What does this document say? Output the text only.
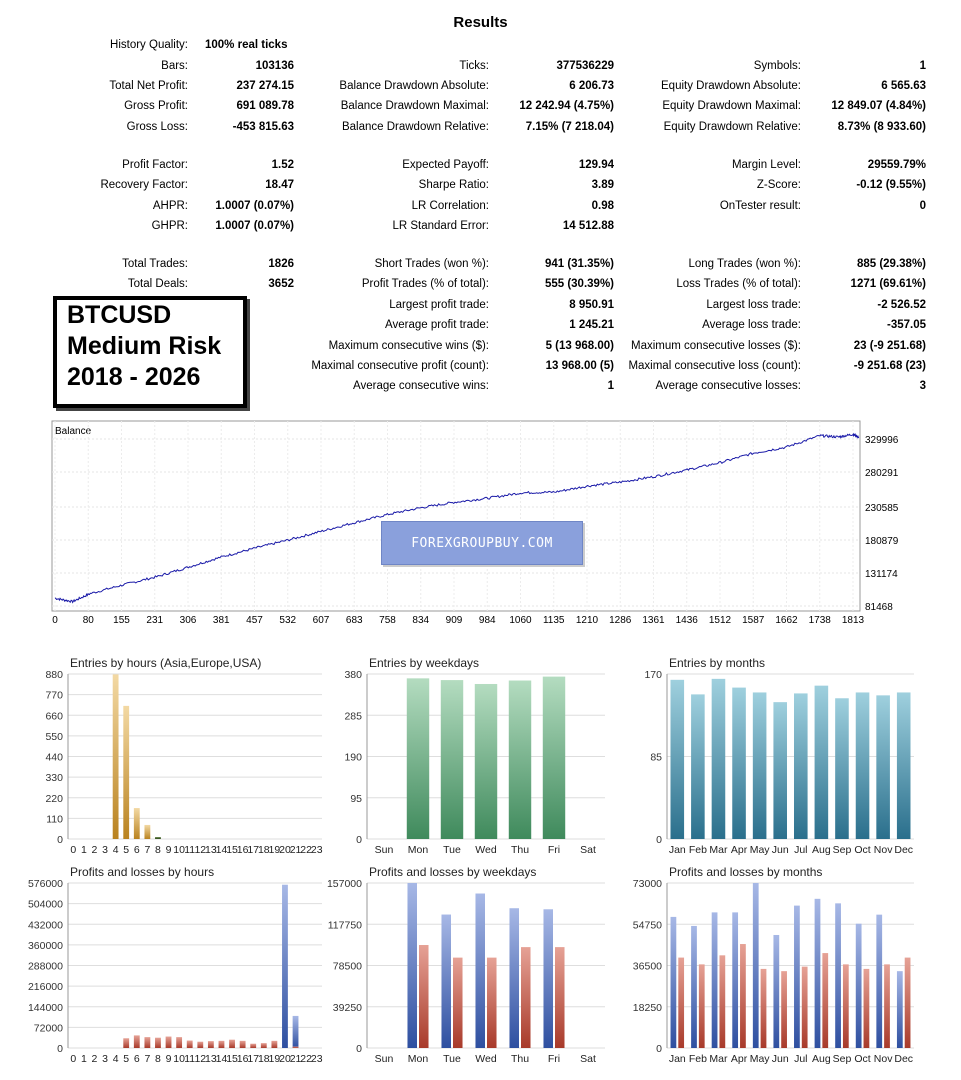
Results
History Quality: 100% real ticks
Bars:	103136	Ticks:	377536229	Symbols:	1
Total Net Profit:	237 274.15	Balance Drawdown Absolute:	6 206.73	Equity Drawdown Absolute:	6 565.63
Gross Profit:	691 089.78	Balance Drawdown Maximal:	12 242.94 (4.75%)	Equity Drawdown Maximal:	12 849.07 (4.84%)
Gross Loss:	-453 815.63	Balance Drawdown Relative:	7.15% (7 218.04)	Equity Drawdown Relative:	8.73% (8 933.60)
Profit Factor:	1.52	Expected Payoff:	129.94	Margin Level:	29559.79%
Recovery Factor:	18.47	Sharpe Ratio:	3.89	Z-Score:	-0.12 (9.55%)
AHPR: 1.0007 (0.07%)	LR Correlation:	0.98	OnTester result:	0
GHPR: 1.0007 (0.07%)	LR Standard Error:	14 512.88
Total Trades:	1826	Short Trades (won %):	941 (31.35%)	Long Trades (won %):	885 (29.38%)
Total Deals:	3652	Profit Trades (% of total):	555 (30.39%)	Loss Trades (% of total):	1271 (69.61%)
Largest profit trade:	8 950.91	Largest loss trade:	-2 526.52
Average profit trade:	1 245.21	Average loss trade:	-357.05
Maximum consecutive wins ($):	5 (13 968.00) Maximum consecutive losses ($):	23 (-9 251.68)
Maximal consecutive profit (count):	13 968.00 (5) Maximal consecutive loss (count):	-9 251.68 (23)
Average consecutive wins:	1	Average consecutive losses:	3
BTCUSD
Medium Risk
2018 - 2026
Balance
329996
280291
230585
180879
131174
81468
0 80 155 231 306 381 457 532 607 683 758 834 909 984 1060 1135 1210 1286 1361 1436 1512 1587 1662 1738 1813
FOREXGROUPBUY.COM
Entries by hours (Asia,Europe,USA)
880
770
660
550
440
330
220
110
0
0 1 2 3 4 5 6 7 8 9 10 11 12
13
14
15
16
17
18
19
20
21
22
23
Entries by weekdays
380
285
190
95
0
Sun Mon Tue Wed Thu Fri Sat
Entries by months
170
85
0
Jan Feb Mar Apr May Jun Jul Aug Sep Oct Nov Dec
Profits and losses by hours
576000
504000
432000
360000
288000
216000
144000
72000
0
0 1 2 3 4 5 6 7 8 9 10 11 12
13
14
15
16
17
18
19
20
21
22
23
Profits and losses by weekdays
157000
117750
78500
39250
0
Sun Mon Tue Wed Thu Fri Sat
Profits and losses by months
73000
54750
36500
18250
0
Jan Feb Mar Apr May Jun Jul Aug Sep Oct Nov Dec
